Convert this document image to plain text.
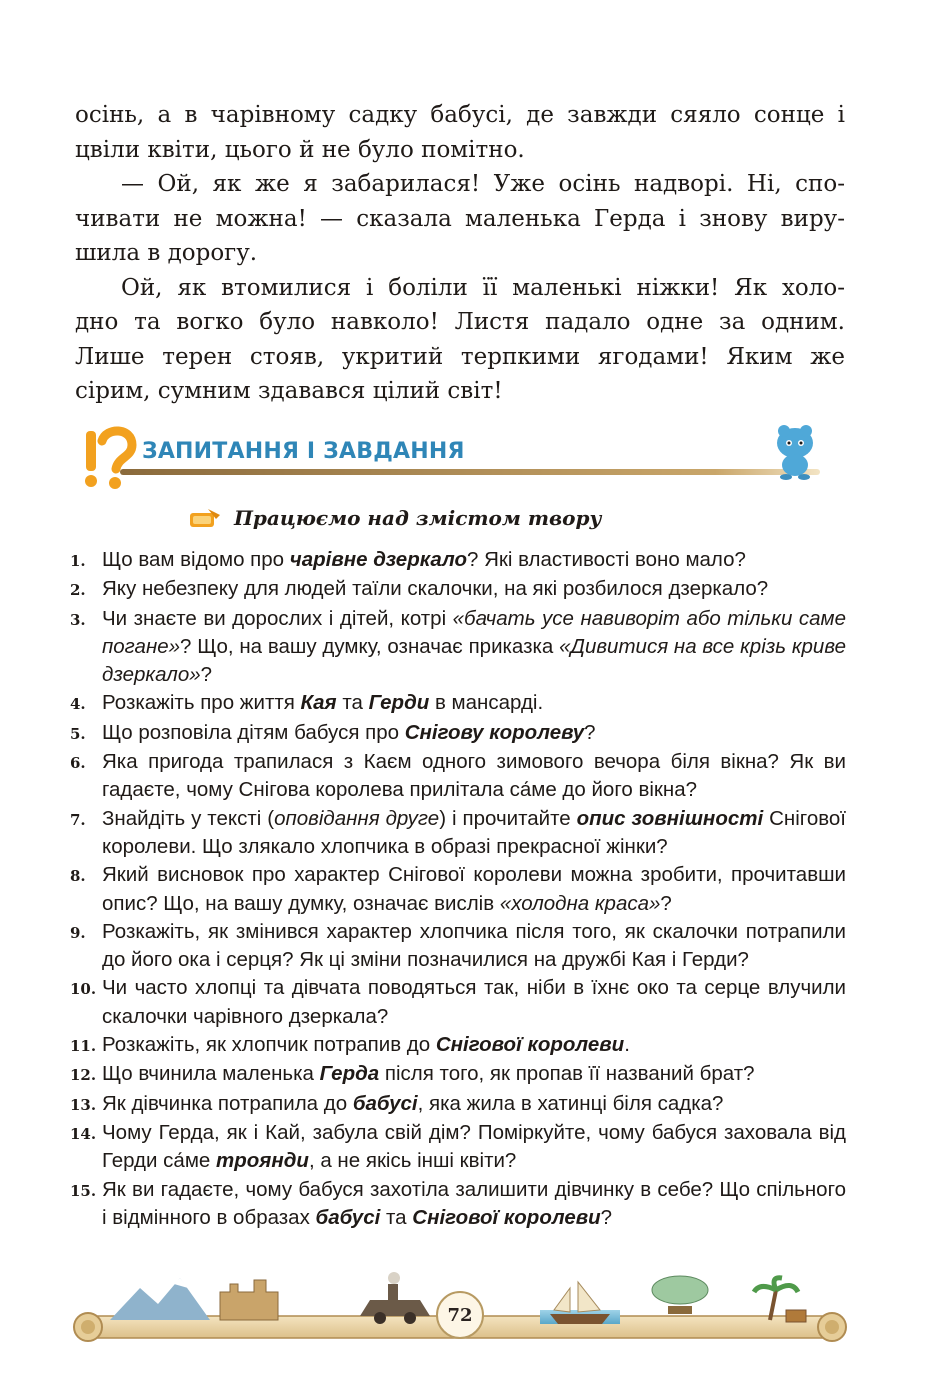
осінь, а в чарівному садку бабусі, де завжди сяяло сонце і

цвіли квіти, цього й не було помітно.

— Ой, як же я забарилася! Уже осінь надворі. Ні, спо-

чивати не можна! — сказала маленька Герда і знову виру-

шила в дорогу.

Ой, як втомилися і боліли її маленькі ніжки! Як холо-

дно та вогко було навколо! Листя падало одне за одним.

Лише терен стояв, укритий терпкими ягодами! Яким же

сірим, сумним здавався цілий світ!

ЗАПИТАННЯ І ЗАВДАННЯ
Працюємо над змістом твору
1. Що вам відомо про чарівне дзеркало? Які властивості воно мало?
2. Яку небезпеку для людей таїли скалочки, на які розбилося дзеркало?
3. Чи знаєте ви дорослих і дітей, котрі «бачать усе навиворіт або тільки саме погане»? Що, на вашу думку, означає приказка «Дивитися на все крізь криве дзеркало»?
4. Розкажіть про життя Кая та Герди в мансарді.
5. Що розповіла дітям бабуся про Снігову королеву?
6. Яка пригода трапилася з Каєм одного зимового вечора біля вікна? Як ви гадаєте, чому Снігова королева прилітала са́ме до його вікна?
7. Знайдіть у тексті (оповідання друге) і прочитайте опис зовнішності Снігової королеви. Що злякало хлопчика в образі прекрасної жінки?
8. Який висновок про характер Снігової королеви можна зробити, прочитавши опис? Що, на вашу думку, означає вислів «холодна краса»?
9. Розкажіть, як змінився характер хлопчика після того, як скалочки потрапили до його ока і серця? Як ці зміни позначилися на дружбі Кая і Герди?
10. Чи часто хлопці та дівчата поводяться так, ніби в їхнє око та серце влучили скалочки чарівного дзеркала?
11. Розкажіть, як хлопчик потрапив до Снігової королеви.
12. Що вчинила маленька Герда після того, як пропав її названий брат?
13. Як дівчинка потрапила до бабусі, яка жила в хатинці біля садка?
14. Чому Герда, як і Кай, забула свій дім? Поміркуйте, чому бабуся заховала від Герди са́ме троянди, а не якісь інші квіти?
15. Як ви гадаєте, чому бабуся захотіла залишити дівчинку в себе? Що спільного і відмінного в образах бабусі та Снігової королеви?
72
